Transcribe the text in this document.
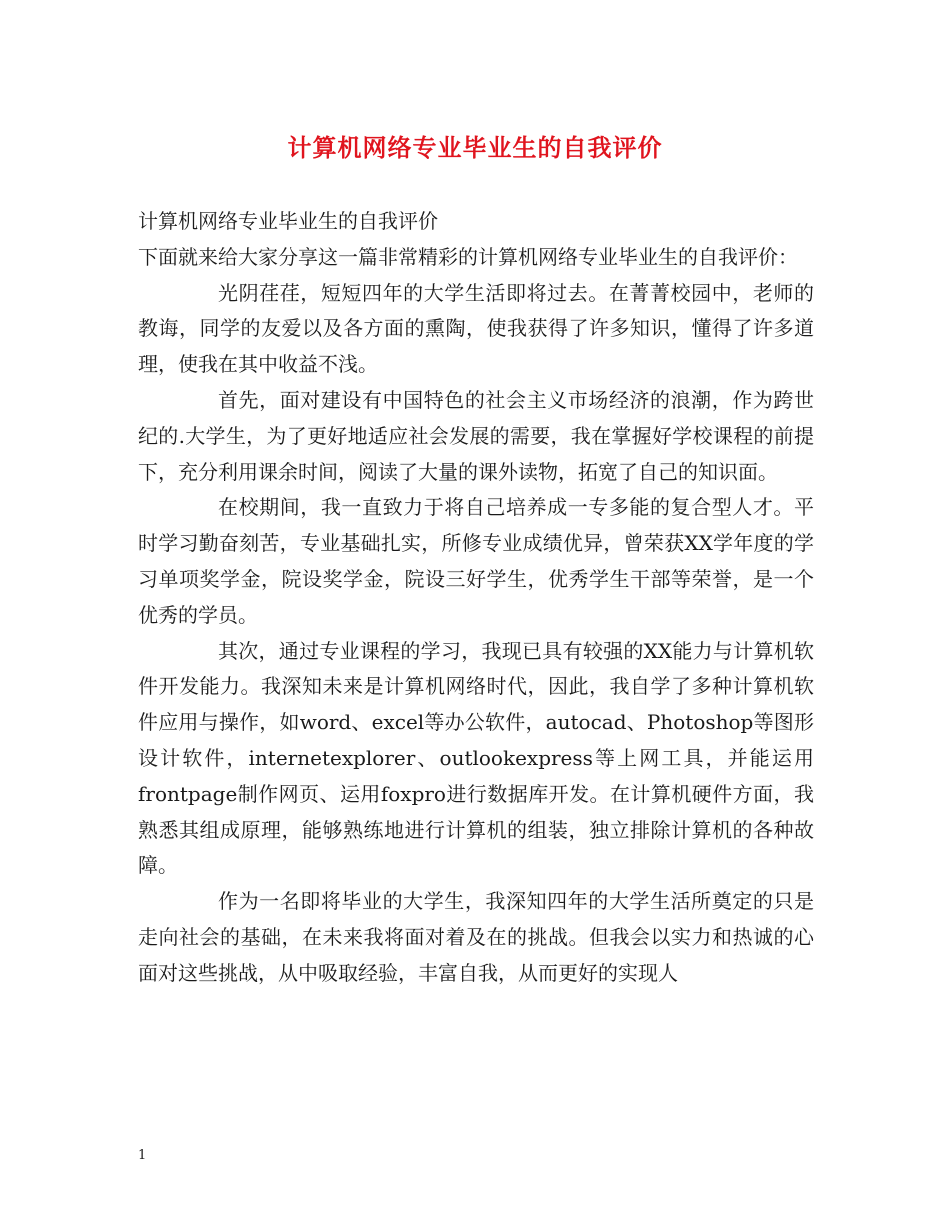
计算机网络专业毕业生的自我评价

计算机网络专业毕业生的自我评价

下面就来给大家分享这一篇非常精彩的计算机网络专业毕业生的自我评价：

光阴荏荏，短短四年的大学生活即将过去。在菁菁校园中，老师的教诲，同学的友爱以及各方面的熏陶，使我获得了许多知识，懂得了许多道理，使我在其中收益不浅。

首先，面对建设有中国特色的社会主义市场经济的浪潮，作为跨世纪的.大学生，为了更好地适应社会发展的需要，我在掌握好学校课程的前提下，充分利用课余时间，阅读了大量的课外读物，拓宽了自己的知识面。

在校期间，我一直致力于将自己培养成一专多能的复合型人才。平时学习勤奋刻苦，专业基础扎实，所修专业成绩优异，曾荣获XX学年度的学习单项奖学金，院设奖学金，院设三好学生，优秀学生干部等荣誉，是一个优秀的学员。

其次，通过专业课程的学习，我现已具有较强的XX能力与计算机软件开发能力。我深知未来是计算机网络时代，因此，我自学了多种计算机软件应用与操作，如word、excel等办公软件，autocad、Photoshop等图形设计软件，internetexplorer、outlookexpress等上网工具，并能运用frontpage制作网页、运用foxpro进行数据库开发。在计算机硬件方面，我熟悉其组成原理，能够熟练地进行计算机的组装，独立排除计算机的各种故障。

作为一名即将毕业的大学生，我深知四年的大学生活所奠定的只是走向社会的基础，在未来我将面对着及在的挑战。但我会以实力和热诚的心面对这些挑战，从中吸取经验，丰富自我，从而更好的实现人

1
